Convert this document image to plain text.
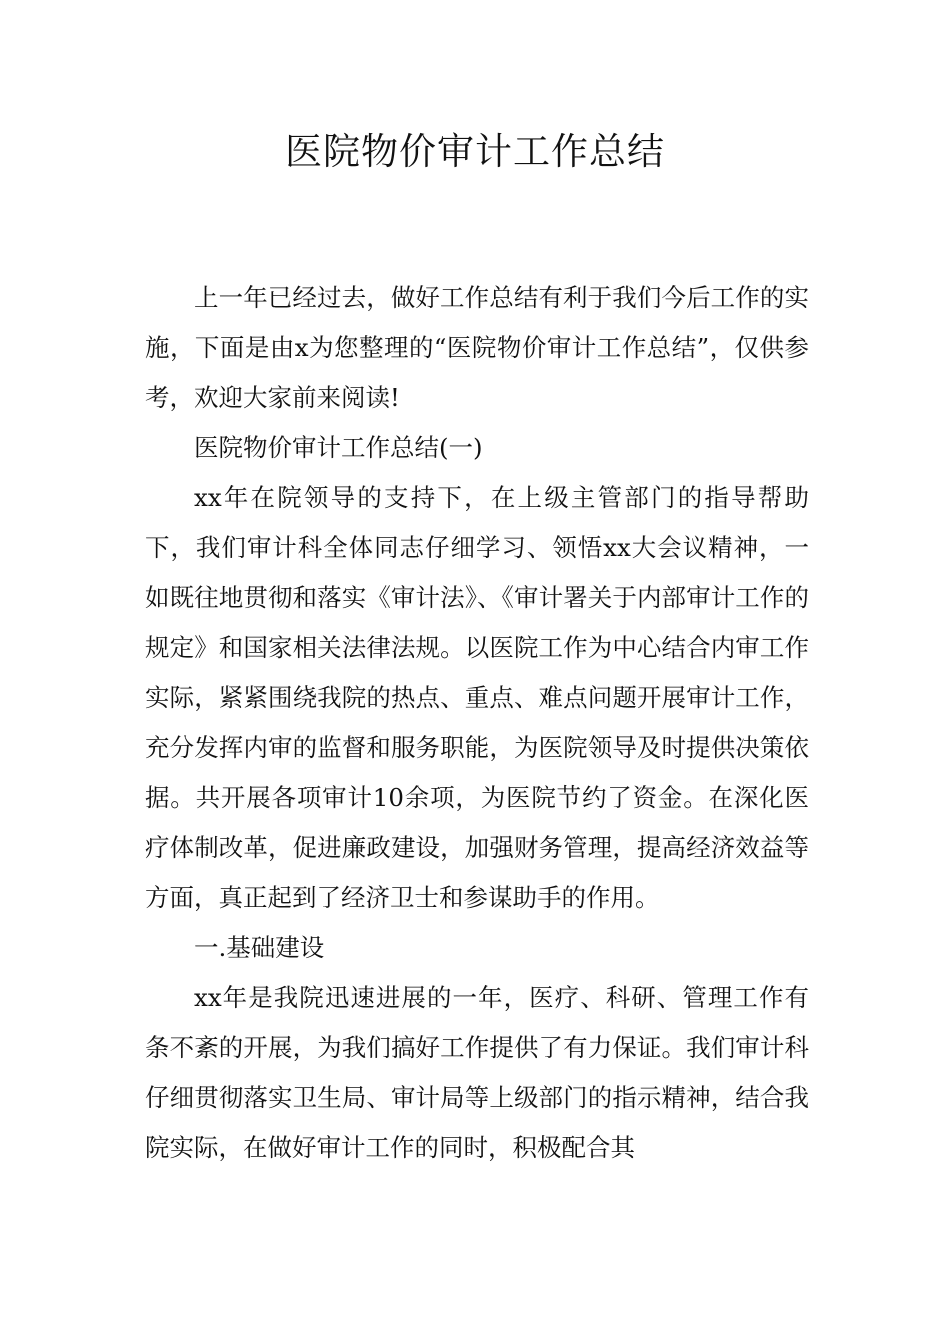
医院物价审计工作总结

上一年已经过去，做好工作总结有利于我们今后工作的实施，下面是由x为您整理的“医院物价审计工作总结”，仅供参考，欢迎大家前来阅读!

医院物价审计工作总结(一)

xx年在院领导的支持下，在上级主管部门的指导帮助下，我们审计科全体同志仔细学习、领悟xx大会议精神，一如既往地贯彻和落实《审计法》、《审计署关于内部审计工作的规定》和国家相关法律法规。以医院工作为中心结合内审工作实际，紧紧围绕我院的热点、重点、难点问题开展审计工作，充分发挥内审的监督和服务职能，为医院领导及时提供决策依据。共开展各项审计10余项，为医院节约了资金。在深化医疗体制改革，促进廉政建设，加强财务管理，提高经济效益等方面，真正起到了经济卫士和参谋助手的作用。

一.基础建设

xx年是我院迅速进展的一年，医疗、科研、管理工作有条不紊的开展，为我们搞好工作提供了有力保证。我们审计科仔细贯彻落实卫生局、审计局等上级部门的指示精神，结合我院实际，在做好审计工作的同时，积极配合其
